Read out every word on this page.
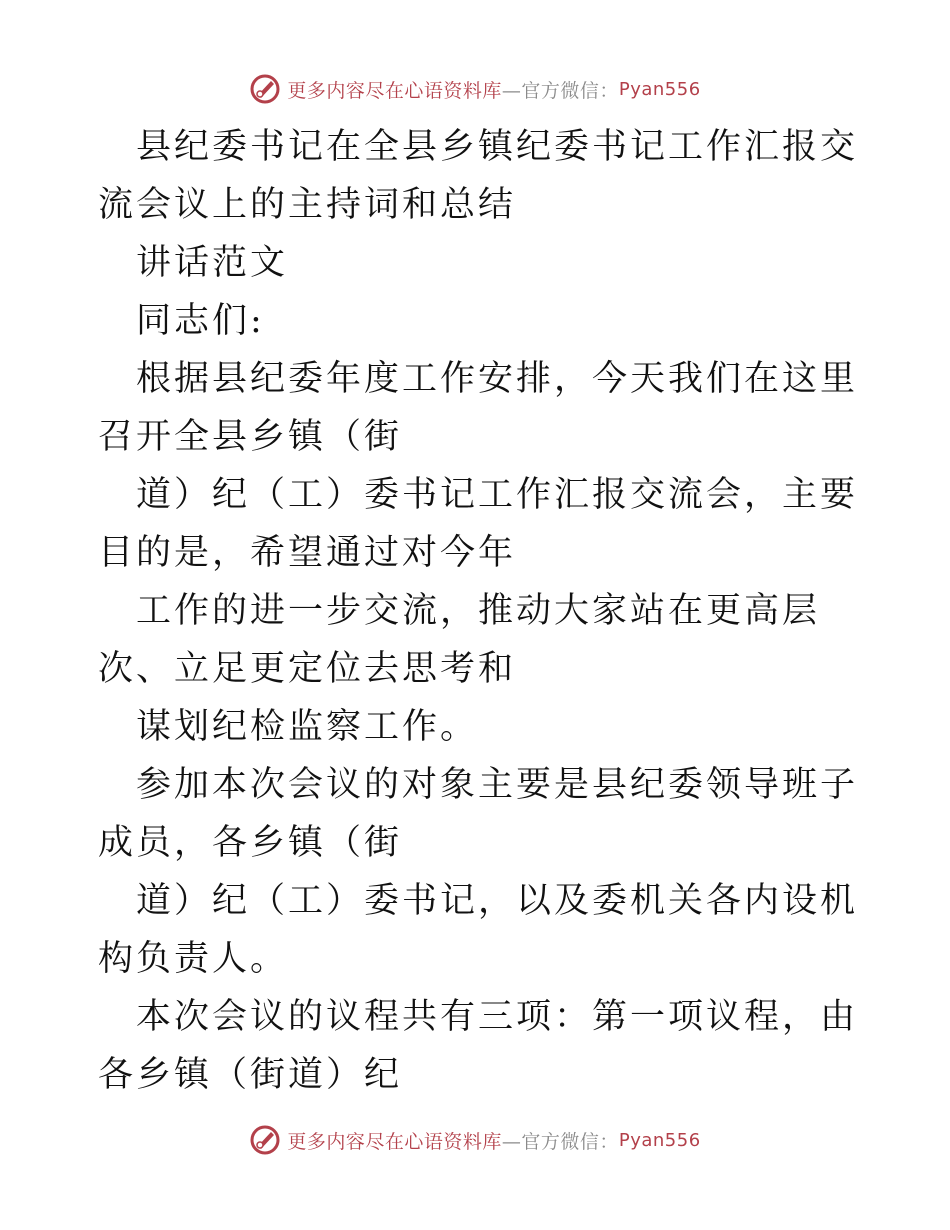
更多内容尽在心语资料库 —官方微信： Pyan556

县纪委书记在全县乡镇纪委书记工作汇报交流会议上的主持词和总结

讲话范文

同志们:

根据县纪委年度工作安排，今天我们在这里召开全县乡镇（街

道）纪（工）委书记工作汇报交流会，主要目的是，希望通过对今年

工作的进一步交流，推动大家站在更高层次、立足更定位去思考和

谋划纪检监察工作。

参加本次会议的对象主要是县纪委领导班子成员，各乡镇（街

道）纪（工）委书记，以及委机关各内设机构负责人。

本次会议的议程共有三项：第一项议程，由各乡镇（街道）纪

更多内容尽在心语资料库 —官方微信： Pyan556
